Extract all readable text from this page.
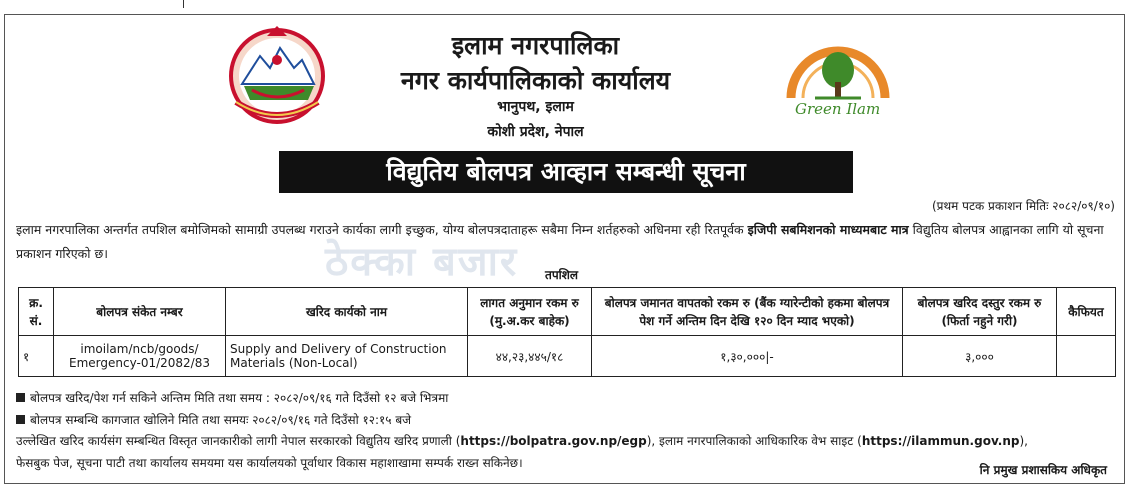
इलाम नगरपालिका
नगर कार्यपालिकाको कार्यालय
भानुपथ, इलाम
कोशी प्रदेश, नेपाल
Green Ilam
विद्युतिय बोलपत्र आव्हान सम्बन्धी सूचना
(प्रथम पटक प्रकाशन मितिः २०८२/०९/१०)
ठेक्का बजार
इलाम नगरपालिका अन्तर्गत तपशिल बमोजिमको सामाग्री उपलब्ध गराउने कार्यका लागी इच्छुक, योग्य बोलपत्रदाताहरू सबैमा निम्न शर्तहरुको अधिनमा रही रितपूर्वक इजिपी सबमिशनको माध्यमबाट मात्र विद्युतिय बोलपत्र आह्वानका लागि यो सूचना प्रकाशन गरिएको छ।
तपशिल
क्र. सं.	बोलपत्र संकेत नम्बर	खरिद कार्यको नाम	लागत अनुमान रकम रु (मु.अ.कर बाहेक)	बोलपत्र जमानत वापतको रकम रु (बैंक ग्यारेन्टीको हकमा बोलपत्र पेश गर्ने अन्तिम दिन देखि १२० दिन म्याद भएको)	बोलपत्र खरिद दस्तुर रकम रु (फिर्ता नहुने गरी)	कैफियत
१	imoilam/ncb/goods/ Emergency-01/2082/83	Supply and Delivery of Construction Materials (Non-Local)	४४,२३,४४५/१८	१,३०,०००|-	३,०००	
बोलपत्र खरिद/पेश गर्न सकिने अन्तिम मिति तथा समय : २०८२/०९/१६ गते दिउँसो १२ बजे भित्रमा
बोलपत्र सम्बन्धि कागजात खोलिने मिति तथा समयः २०८२/०९/१६ गते दिउँसो १२:१५ बजे
उल्लेखित खरिद कार्यसंग सम्बन्धित विस्तृत जानकारीको लागी नेपाल सरकारको विद्युतिय खरिद प्रणाली (https://bolpatra.gov.np/egp), इलाम नगरपालिकाको आधिकारिक वेभ साइट (https://ilammun.gov.np),
फेसबुक पेज, सूचना पाटी तथा कार्यालय समयमा यस कार्यालयको पूर्वाधार विकास महाशाखामा सम्पर्क राख्न सकिनेछ।
नि प्रमुख प्रशासकिय अधिकृत
